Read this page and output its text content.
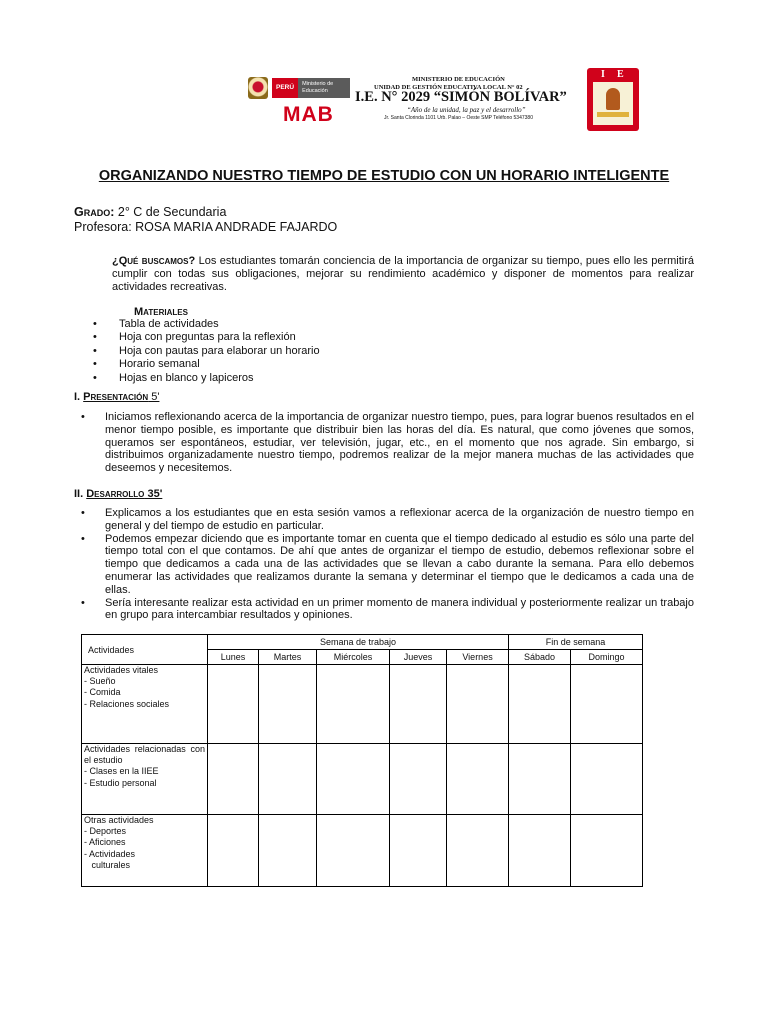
PERÚ	Ministerio de Educación
MAB
MINISTERIO DE EDUCACIÓN
UNIDAD DE GESTIÓN EDUCATIVA LOCAL N° 02
I.E. N° 2029 “SIMÓN BOLÍVAR”
“Año de la unidad, la paz y el desarrollo”
Jr. Santa Clorinda 1101 Urb. Palao – Oeste SMP Teléfono 5347380
I E
ORGANIZANDO NUESTRO TIEMPO DE ESTUDIO CON UN HORARIO INTELIGENTE
Grado: 2° C de Secundaria
Profesora: ROSA MARIA ANDRADE FAJARDO
¿Qué buscamos? Los estudiantes tomarán conciencia de la importancia de organizar su tiempo, pues ello les permitirá cumplir con todas sus obligaciones, mejorar su rendimiento académico y disponer de momentos para realizar actividades recreativas.
Materiales
• Tabla de actividades
• Hoja con preguntas para la reflexión
• Hoja con pautas para elaborar un horario
• Horario semanal
• Hojas en blanco y lapiceros
I. Presentación 5'
• Iniciamos reflexionando acerca de la importancia de organizar nuestro tiempo, pues, para lograr buenos resultados en el menor tiempo posible, es importante que distribuir bien las horas del día. Es natural, que como jóvenes que somos, queramos ser espontáneos, estudiar, ver televisión, jugar, etc., en el momento que nos agrade. Sin embargo, si distribuimos organizadamente nuestro tiempo, podremos realizar de la mejor manera muchas de las actividades que deseemos y necesitemos.
II. Desarrollo 35'
• Explicamos a los estudiantes que en esta sesión vamos a reflexionar acerca de la organización de nuestro tiempo en general y del tiempo de estudio en particular.
• Podemos empezar diciendo que es importante tomar en cuenta que el tiempo dedicado al estudio es sólo una parte del tiempo total con el que contamos. De ahí que antes de organizar el tiempo de estudio, debemos reflexionar sobre el tiempo que dedicamos a cada una de las actividades que se llevan a cabo durante la semana. Para ello debemos enumerar las actividades que realizamos durante la semana y determinar el tiempo que le dedicamos a cada una de ellas.
• Sería interesante realizar esta actividad en un primer momento de manera individual y posteriormente realizar un trabajo en grupo para intercambiar resultados y opiniones.
Actividades	Semana de trabajo					Fin de semana	
	Lunes	Martes	Miércoles	Jueves	Viernes	Sábado	Domingo

Actividades vitales
- Sueño
- Comida
- Relaciones sociales							

Actividades relacionadas con el estudio
- Clases en la IIEE
- Estudio personal							

Otras actividades
- Deportes
- Aficiones
- Actividades
culturales							
